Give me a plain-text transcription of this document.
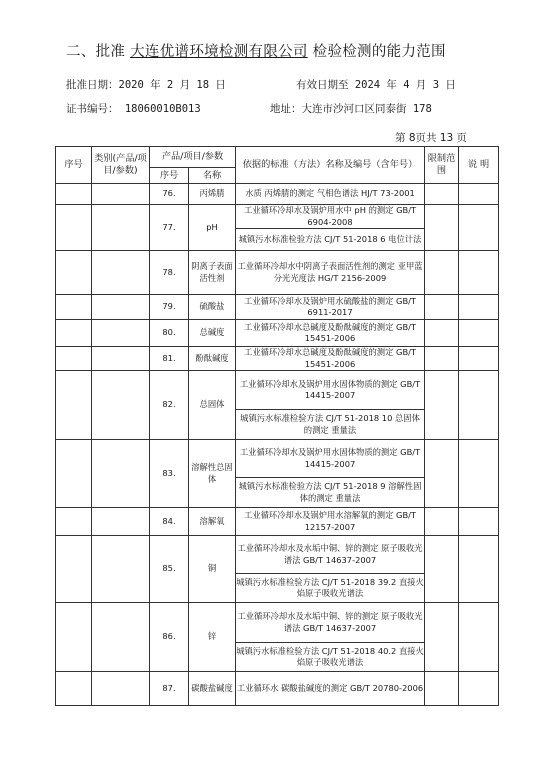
二、批准 大连优谱环境检测有限公司 检验检测的能力范围
批准日期：2020 年 2 月 18 日	有效日期至 2024 年 4 月 3 日
证书编号： 18060010B013	地址：大连市沙河口区同泰街 178
第 8页共 13 页
序号	类别(产品/项目/参数)	产品/项目/参数		依据的标准（方法）名称及编号（含年号）	限制范围	说 明
		序号	名称			
		76.	丙烯腈	水质 丙烯腈的测定 气相色谱法 HJ/T 73-2001		
		77.	pH	工业循环冷却水及锅炉用水中 pH 的测定 GB/T 6904-2008		
				城镇污水标准检验方法 CJ/T 51-2018 6 电位计法		
		78.	阴离子表面活性剂	工业循环冷却水中阴离子表面活性剂的测定 亚甲蓝分光光度法 HG/T 2156-2009		
		79.	硫酸盐	工业循环冷却水及锅炉用水硫酸盐的测定 GB/T 6911-2017		
		80.	总碱度	工业循环冷却水总碱度及酚酞碱度的测定 GB/T 15451-2006		
		81.	酚酞碱度	工业循环冷却水总碱度及酚酞碱度的测定 GB/T 15451-2006		
		82.	总固体	工业循环冷却水及锅炉用水固体物质的测定 GB/T 14415-2007		
				城镇污水标准检验方法 CJ/T 51-2018 10 总固体的测定 重量法		
		83.	溶解性总固体	工业循环冷却水及锅炉用水固体物质的测定 GB/T 14415-2007		
				城镇污水标准检验方法 CJ/T 51-2018 9 溶解性固体的测定 重量法		
		84.	溶解氧	工业循环冷却水及锅炉用水溶解氧的测定 GB/T 12157-2007		
		85.	铜	工业循环冷却水及水垢中铜、锌的测定 原子吸收光谱法 GB/T 14637-2007		
				城镇污水标准检验方法 CJ/T 51-2018 39.2 直接火焰原子吸收光谱法		
		86.	锌	工业循环冷却水及水垢中铜、锌的测定 原子吸收光谱法 GB/T 14637-2007		
				城镇污水标准检验方法 CJ/T 51-2018 40.2 直接火焰原子吸收光谱法		
		87.	碳酸盐碱度	工业循环水 碳酸盐碱度的测定 GB/T 20780-2006		
